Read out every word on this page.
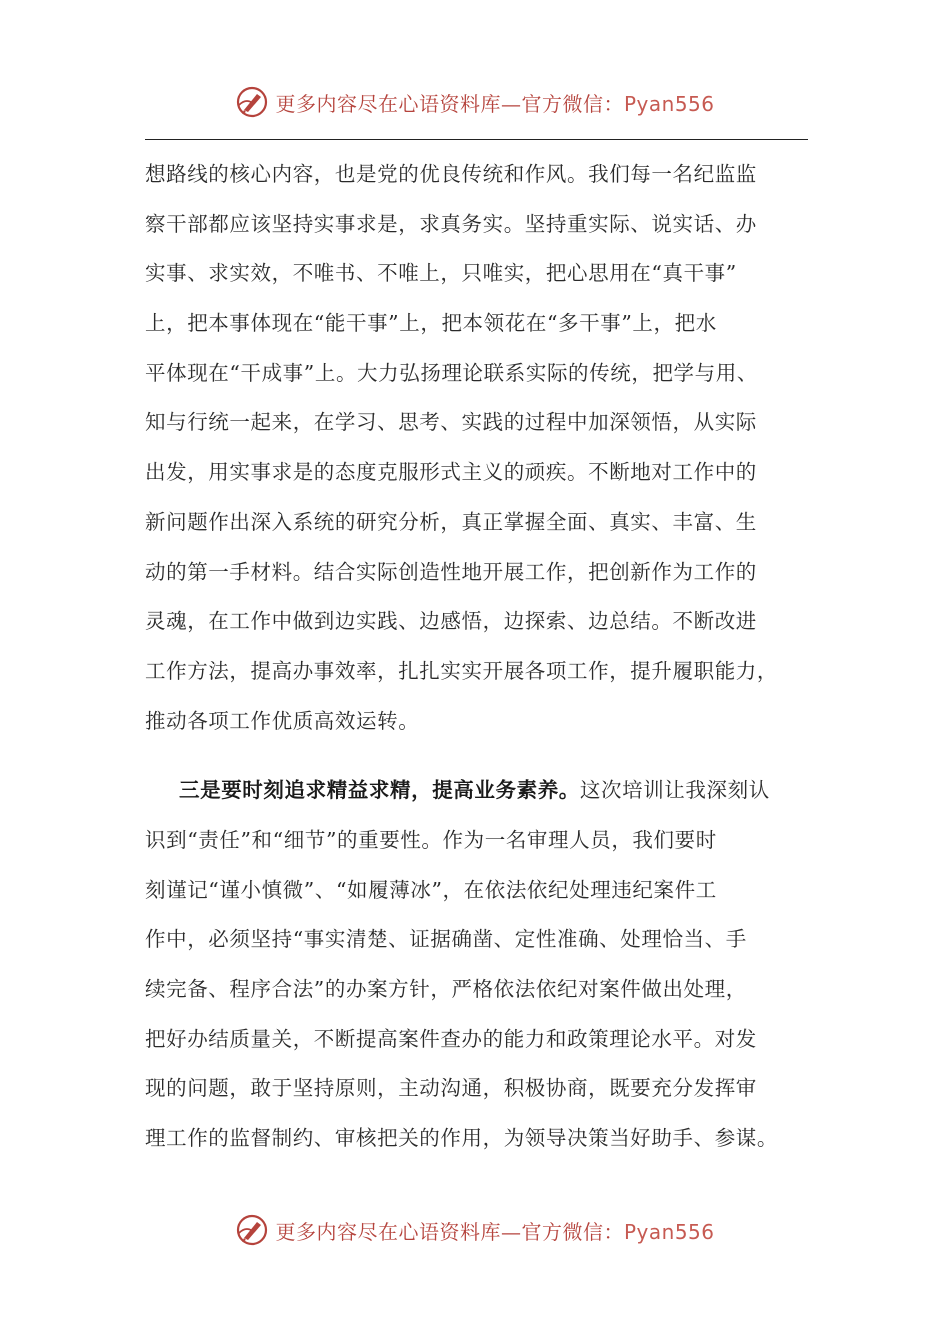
更多内容尽在心语资料库—官方微信：Pyan556
想路线的核心内容，也是党的优良传统和作风。我们每一名纪监监
察干部都应该坚持实事求是，求真务实。坚持重实际、说实话、办
实事、求实效，不唯书、不唯上，只唯实，把心思用在“真干事”
上，把本事体现在“能干事”上，把本领花在“多干事”上，把水
平体现在“干成事”上。大力弘扬理论联系实际的传统，把学与用、
知与行统一起来，在学习、思考、实践的过程中加深领悟，从实际
出发，用实事求是的态度克服形式主义的顽疾。不断地对工作中的
新问题作出深入系统的研究分析，真正掌握全面、真实、丰富、生
动的第一手材料。结合实际创造性地开展工作，把创新作为工作的
灵魂，在工作中做到边实践、边感悟，边探索、边总结。不断改进
工作方法，提高办事效率，扎扎实实开展各项工作，提升履职能力，
推动各项工作优质高效运转。
三是要时刻追求精益求精，提高业务素养。这次培训让我深刻认
识到“责任”和“细节”的重要性。作为一名审理人员，我们要时
刻谨记“谨小慎微”、“如履薄冰”，在依法依纪处理违纪案件工
作中，必须坚持“事实清楚、证据确凿、定性准确、处理恰当、手
续完备、程序合法”的办案方针，严格依法依纪对案件做出处理，
把好办结质量关，不断提高案件查办的能力和政策理论水平。对发
现的问题，敢于坚持原则，主动沟通，积极协商，既要充分发挥审
理工作的监督制约、审核把关的作用，为领导决策当好助手、参谋。
更多内容尽在心语资料库—官方微信：Pyan556
